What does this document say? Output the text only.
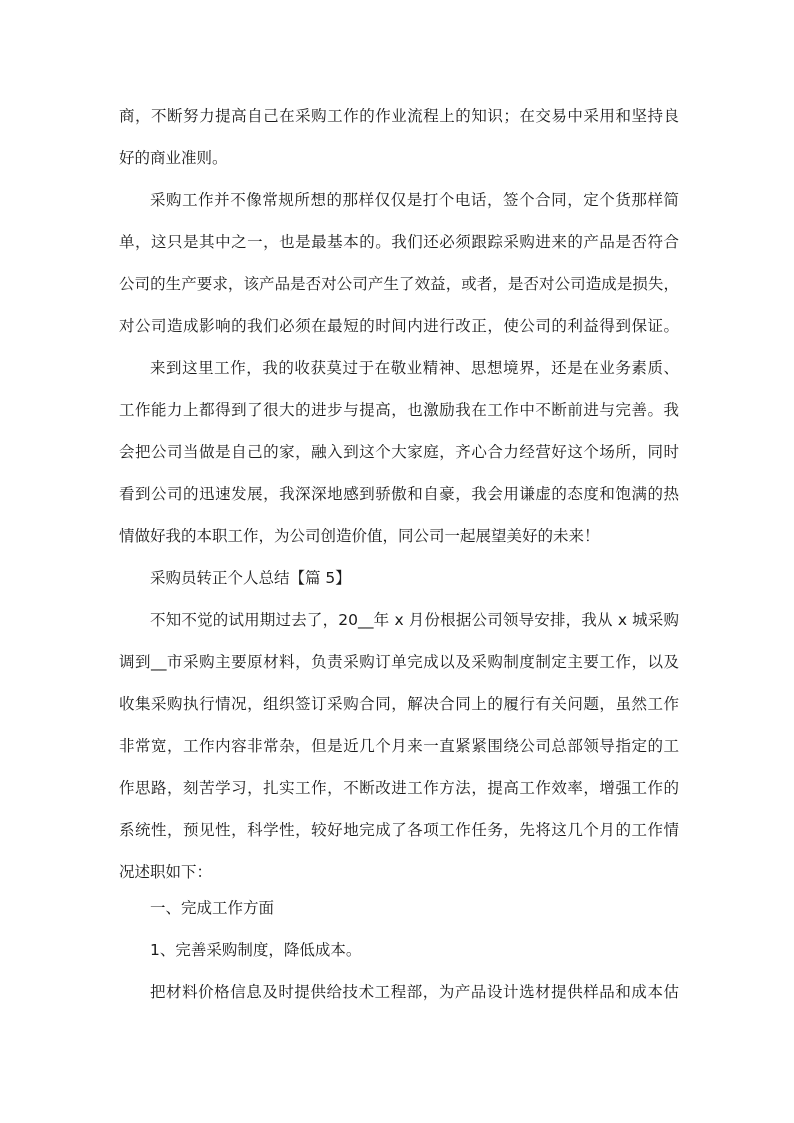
商，不断努力提高自己在采购工作的作业流程上的知识；在交易中采用和坚持良
好的商业准则。
采购工作并不像常规所想的那样仅仅是打个电话，签个合同，定个货那样简
单，这只是其中之一，也是最基本的。我们还必须跟踪采购进来的产品是否符合
公司的生产要求，该产品是否对公司产生了效益，或者，是否对公司造成是损失，
对公司造成影响的我们必须在最短的时间内进行改正，使公司的利益得到保证。
来到这里工作，我的收获莫过于在敬业精神、思想境界，还是在业务素质、
工作能力上都得到了很大的进步与提高，也激励我在工作中不断前进与完善。我
会把公司当做是自己的家，融入到这个大家庭，齐心合力经营好这个场所，同时
看到公司的迅速发展，我深深地感到骄傲和自豪，我会用谦虚的态度和饱满的热
情做好我的本职工作，为公司创造价值，同公司一起展望美好的未来！
采购员转正个人总结【篇 5】
不知不觉的试用期过去了，20__年 x 月份根据公司领导安排，我从 x 城采购
调到__市采购主要原材料，负责采购订单完成以及采购制度制定主要工作，以及
收集采购执行情况，组织签订采购合同，解决合同上的履行有关问题，虽然工作
非常宽，工作内容非常杂，但是近几个月来一直紧紧围绕公司总部领导指定的工
作思路，刻苦学习，扎实工作，不断改进工作方法，提高工作效率，增强工作的
系统性，预见性，科学性，较好地完成了各项工作任务，先将这几个月的工作情
况述职如下：
一、完成工作方面
1、完善采购制度，降低成本。
把材料价格信息及时提供给技术工程部，为产品设计选材提供样品和成本估
